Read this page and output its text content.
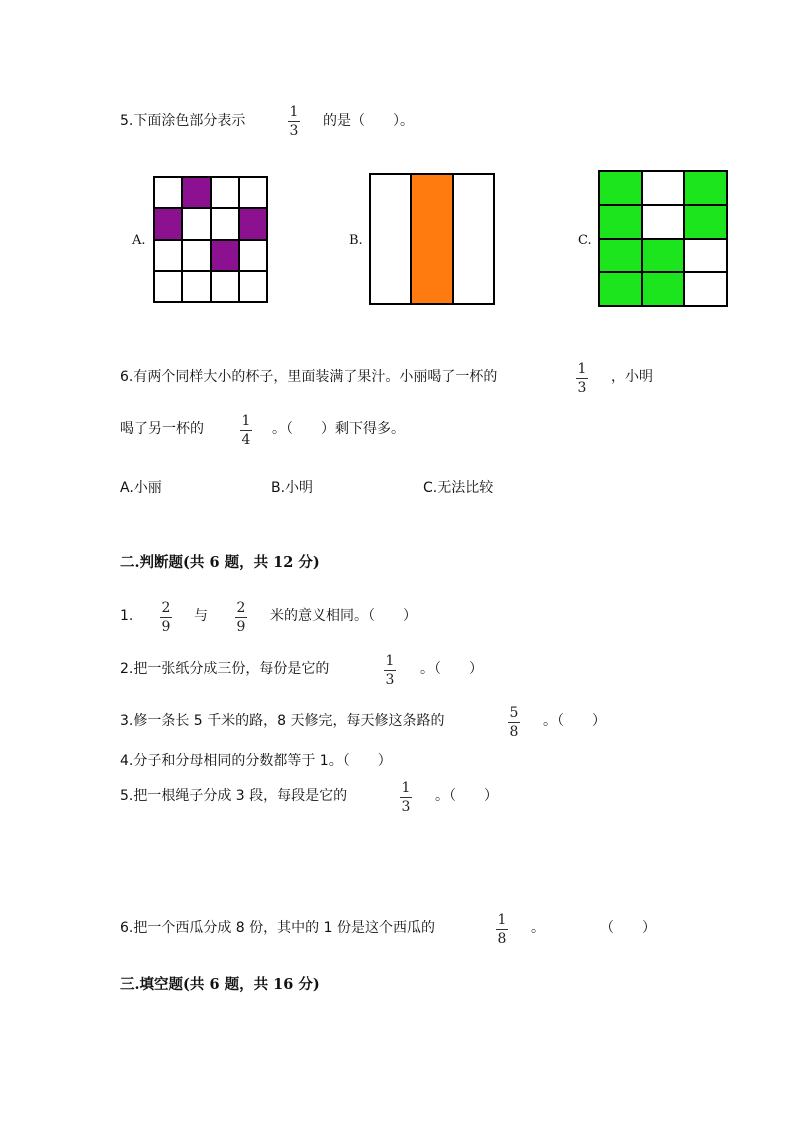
5.下面涂色部分表示
1
3
的是（　　）。
A.	B.	C.
6.有两个同样大小的杯子，里面装满了果汁。小丽喝了一杯的	1
3
，小明
喝了另一杯的	1
4
。（　　）剩下得多。
A.小丽	B.小明	C.无法比较
二.判断题(共 6 题，共 12 分)
1. 2
9
与 2
9
米的意义相同。（　　）
2.把一张纸分成三份，每份是它的	1
3
。（　　）
3.修一条长 5 千米的路，8 天修完，每天修这条路的	5
8
。（　　）
4.分子和分母相同的分数都等于 1。（　　）
5.把一根绳子分成 3 段，每段是它的	1
3
。（　　）
6.把一个西瓜分成 8 份，其中的 1 份是这个西瓜的	1
8
。	（　　）
三.填空题(共 6 题，共 16 分)
